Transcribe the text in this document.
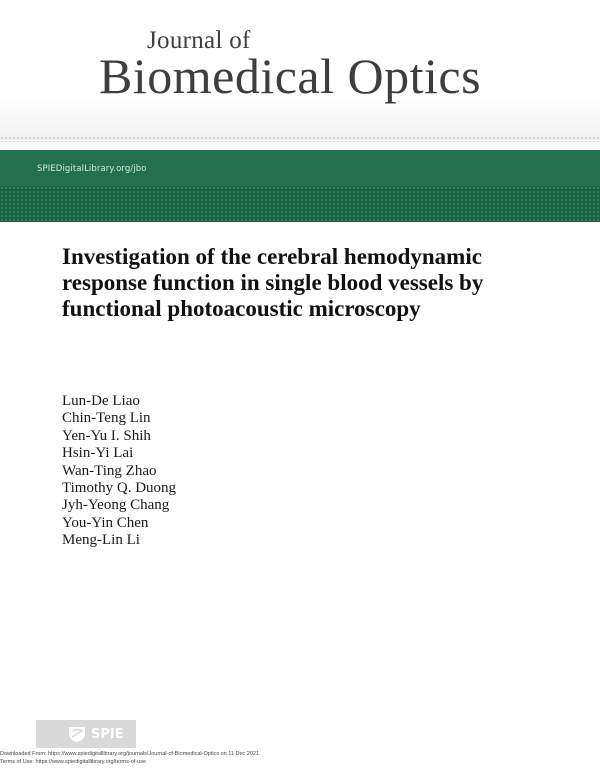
Journal of
Biomedical Optics
SPIEDigitalLibrary.org/jbo
Investigation of the cerebral hemodynamic response function in single blood vessels by functional photoacoustic microscopy
Lun-De Liao
Chin-Teng Lin
Yen-Yu I. Shih
Hsin-Yi Lai
Wan-Ting Zhao
Timothy Q. Duong
Jyh-Yeong Chang
You-Yin Chen
Meng-Lin Li
SPIE
Downloaded From: https://www.spiedigitallibrary.org/journals/Journal-of-Biomedical-Optics on 11 Dec 2021
Terms of Use: https://www.spiedigitallibrary.org/terms-of-use
